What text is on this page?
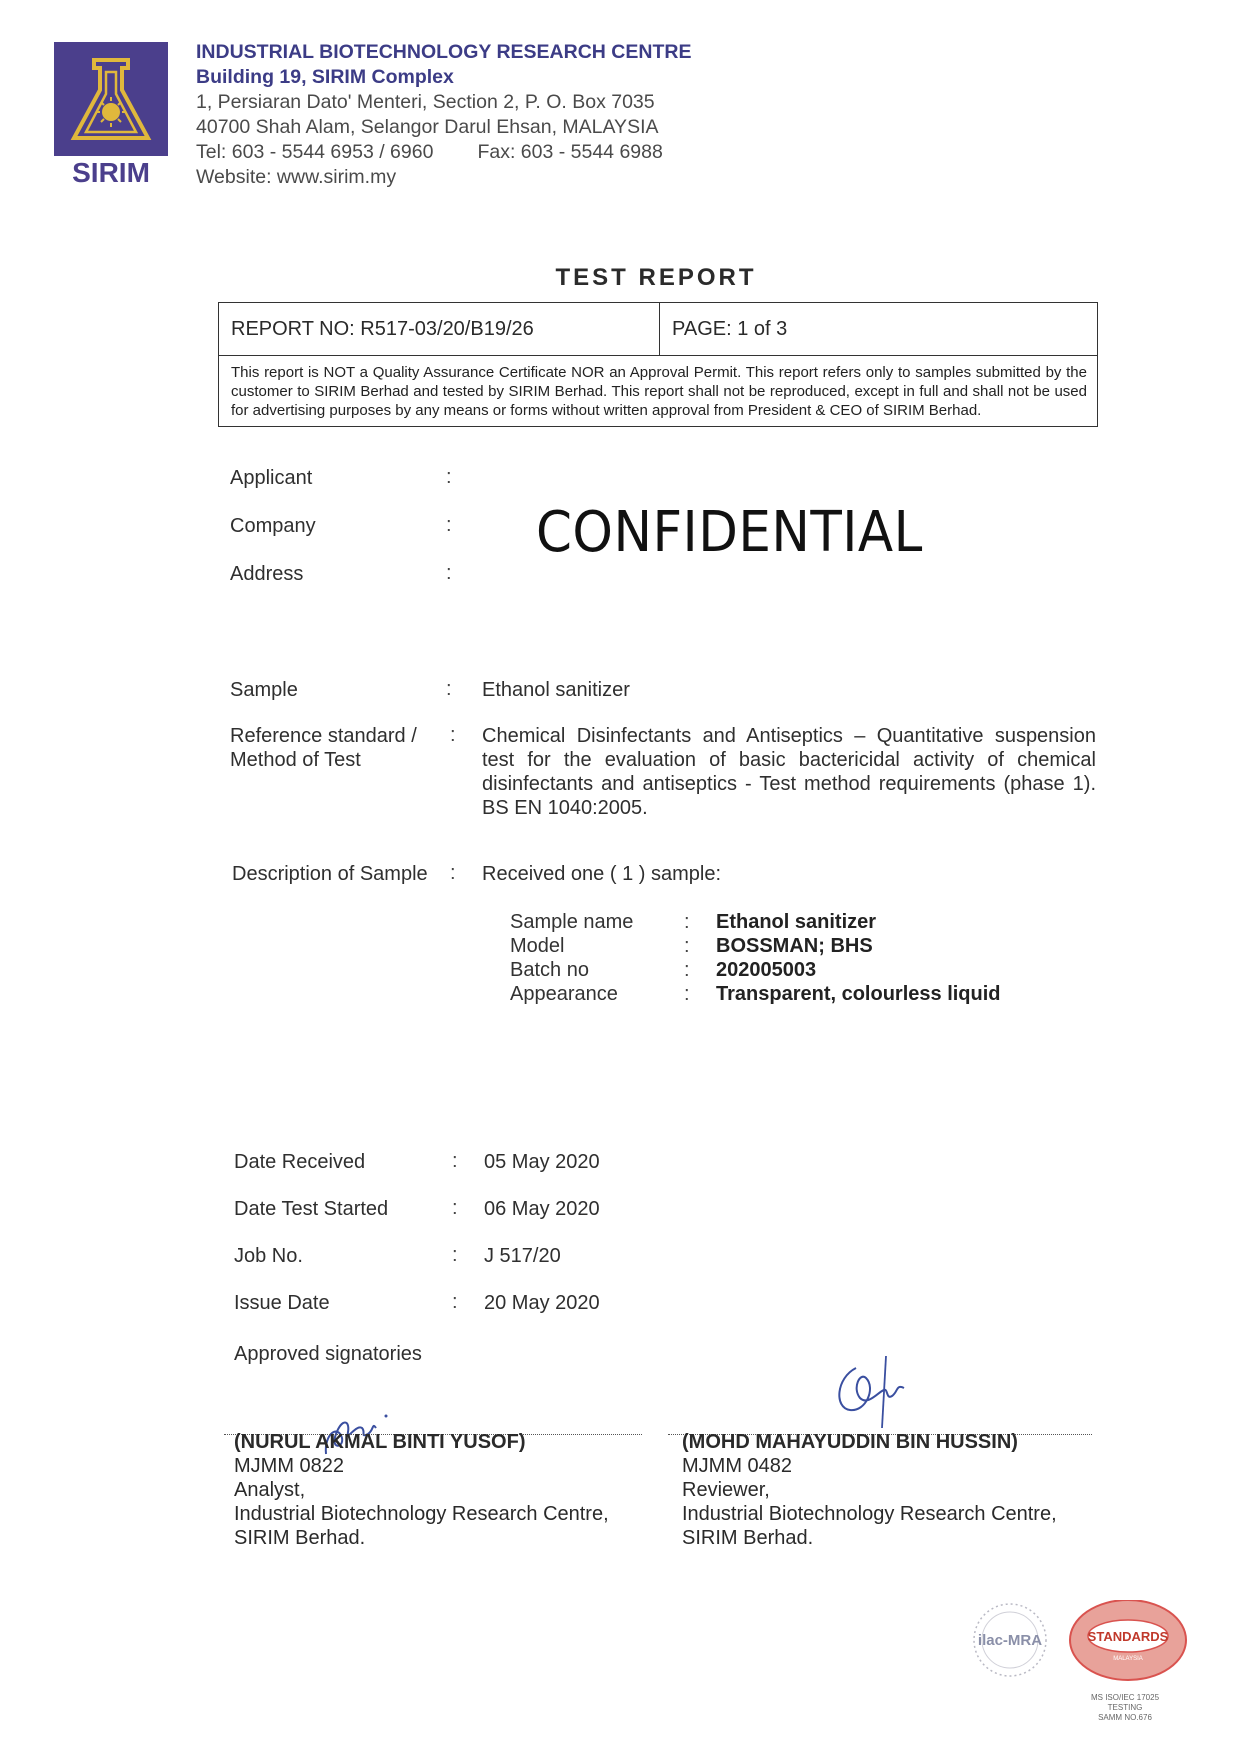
SIRIM
INDUSTRIAL BIOTECHNOLOGY RESEARCH CENTRE
Building 19, SIRIM Complex
1, Persiaran Dato' Menteri, Section 2, P. O. Box 7035
40700 Shah Alam, Selangor Darul Ehsan, MALAYSIA
Tel: 603 - 5544 6953 / 6960 Fax: 603 - 5544 6988
Website: www.sirim.my
TEST REPORT
REPORT NO: R517-03/20/B19/26	PAGE: 1 of 3
This report is NOT a Quality Assurance Certificate NOR an Approval Permit. This report refers only to samples submitted by the customer to SIRIM Berhad and tested by SIRIM Berhad. This report shall not be reproduced, except in full and shall not be used for advertising purposes by any means or forms without written approval from President & CEO of SIRIM Berhad.
Applicant	:
Company	:
Address	:
CONFIDENTIAL
Sample	: Ethanol sanitizer
Reference standard /
Method of Test
: Chemical Disinfectants and Antiseptics – Quantitative suspension test for the evaluation of basic bactericidal activity of chemical disinfectants and antiseptics - Test method requirements (phase 1). BS EN 1040:2005.
Description of Sample : Received one ( 1 ) sample:
Sample name	:	Ethanol sanitizer
Model	:	BOSSMAN; BHS
Batch no	:	202005003
Appearance	:	Transparent, colourless liquid
Date Received	: 05 May 2020
Date Test Started	: 06 May 2020
Job No.	: J 517/20
Issue Date	: 20 May 2020
Approved signatories
(NURUL AKMAL BINTI YUSOF)
MJMM 0822
Analyst,
Industrial Biotechnology Research Centre,
SIRIM Berhad.
(MOHD MAHAYUDDIN BIN HUSSIN)
MJMM 0482
Reviewer,
Industrial Biotechnology Research Centre,
SIRIM Berhad.
ilac-MRA	STANDARDS
MALAYSIA
MS ISO/IEC 17025
TESTING
SAMM NO.676
